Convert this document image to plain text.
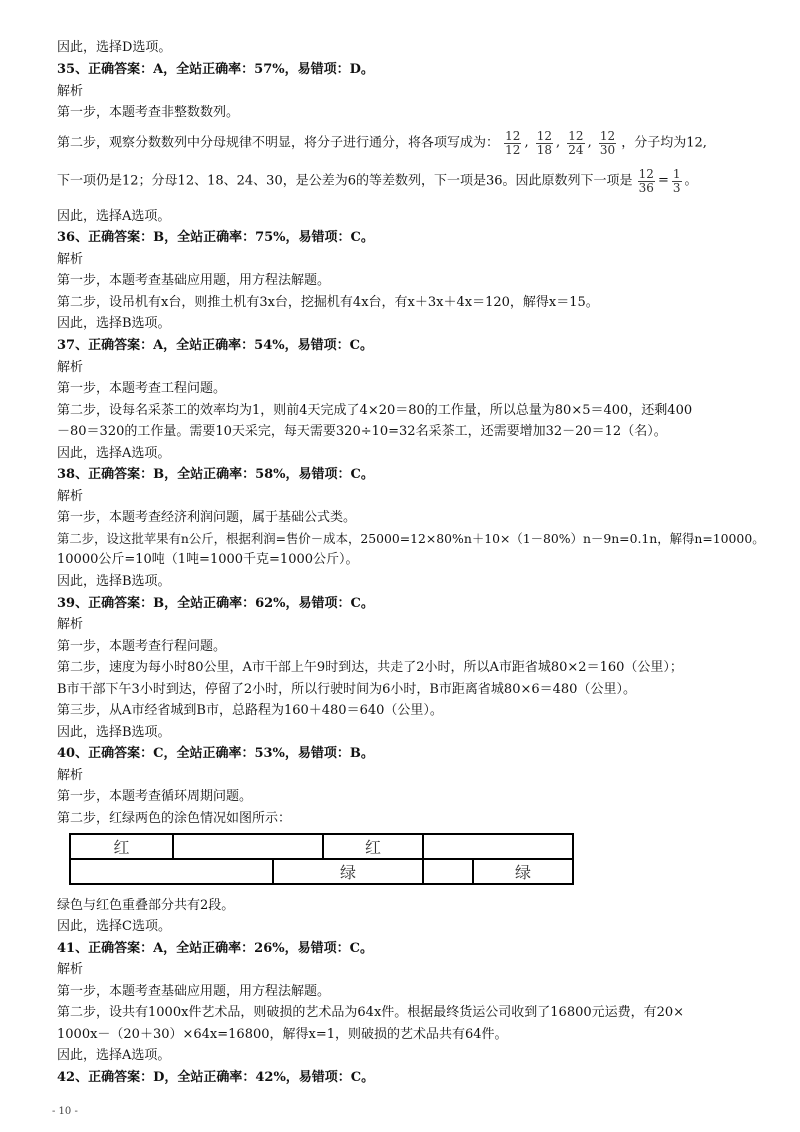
因此，选择D选项。
35、正确答案：A，全站正确率：57%，易错项：D。
解析
第一步，本题考查非整数数列。
第二步，观察分数数列中分母规律不明显，将分子进行通分，将各项写成为： $\frac{12}{12}$ , $\frac{12}{18}$ , $\frac{12}{24}$ , $\frac{12}{30}$ ，分子均为12,
下一项仍是12；分母12、18、24、30，是公差为6的等差数列，下一项是36。因此原数列下一项是 $\frac{12}{36} = \frac{1}{3}$ 。
因此，选择A选项。
36、正确答案：B，全站正确率：75%，易错项：C。
解析
第一步，本题考查基础应用题，用方程法解题。
第二步，设吊机有x台，则推土机有3x台，挖掘机有4x台，有x＋3x＋4x＝120，解得x＝15。
因此，选择B选项。
37、正确答案：A，全站正确率：54%，易错项：C。
解析
第一步，本题考查工程问题。
第二步，设每名采茶工的效率均为1，则前4天完成了4×20＝80的工作量，所以总量为80×5＝400，还剩400
－80＝320的工作量。需要10天采完，每天需要320÷10=32名采茶工，还需要增加32－20＝12（名）。
因此，选择A选项。
38、正确答案：B，全站正确率：58%，易错项：C。
解析
第一步，本题考查经济利润问题，属于基础公式类。
第二步，设这批苹果有n公斤，根据利润=售价－成本，25000=12×80%n＋10×（1－80%）n－9n=0.1n，解得n=10000。
10000公斤=10吨（1吨=1000千克=1000公斤）。
因此，选择B选项。
39、正确答案：B，全站正确率：62%，易错项：C。
解析
第一步，本题考查行程问题。
第二步，速度为每小时80公里，A市干部上午9时到达，共走了2小时，所以A市距省城80×2＝160（公里）；
B市干部下午3小时到达，停留了2小时，所以行驶时间为6小时，B市距离省城80×6＝480（公里）。
第三步，从A市经省城到B市，总路程为160＋480＝640（公里）。
因此，选择B选项。
40、正确答案：C，全站正确率：53%，易错项：B。
解析
第一步，本题考查循环周期问题。
第二步，红绿两色的涂色情况如图所示：
红			红		
		绿			绿
绿色与红色重叠部分共有2段。
因此，选择C选项。
41、正确答案：A，全站正确率：26%，易错项：C。
解析
第一步，本题考查基础应用题，用方程法解题。
第二步，设共有1000x件艺术品，则破损的艺术品为64x件。根据最终货运公司收到了16800元运费，有20×
1000x－（20＋30）×64x=16800，解得x=1，则破损的艺术品共有64件。
因此，选择A选项。
42、正确答案：D，全站正确率：42%，易错项：C。
- 10 -
